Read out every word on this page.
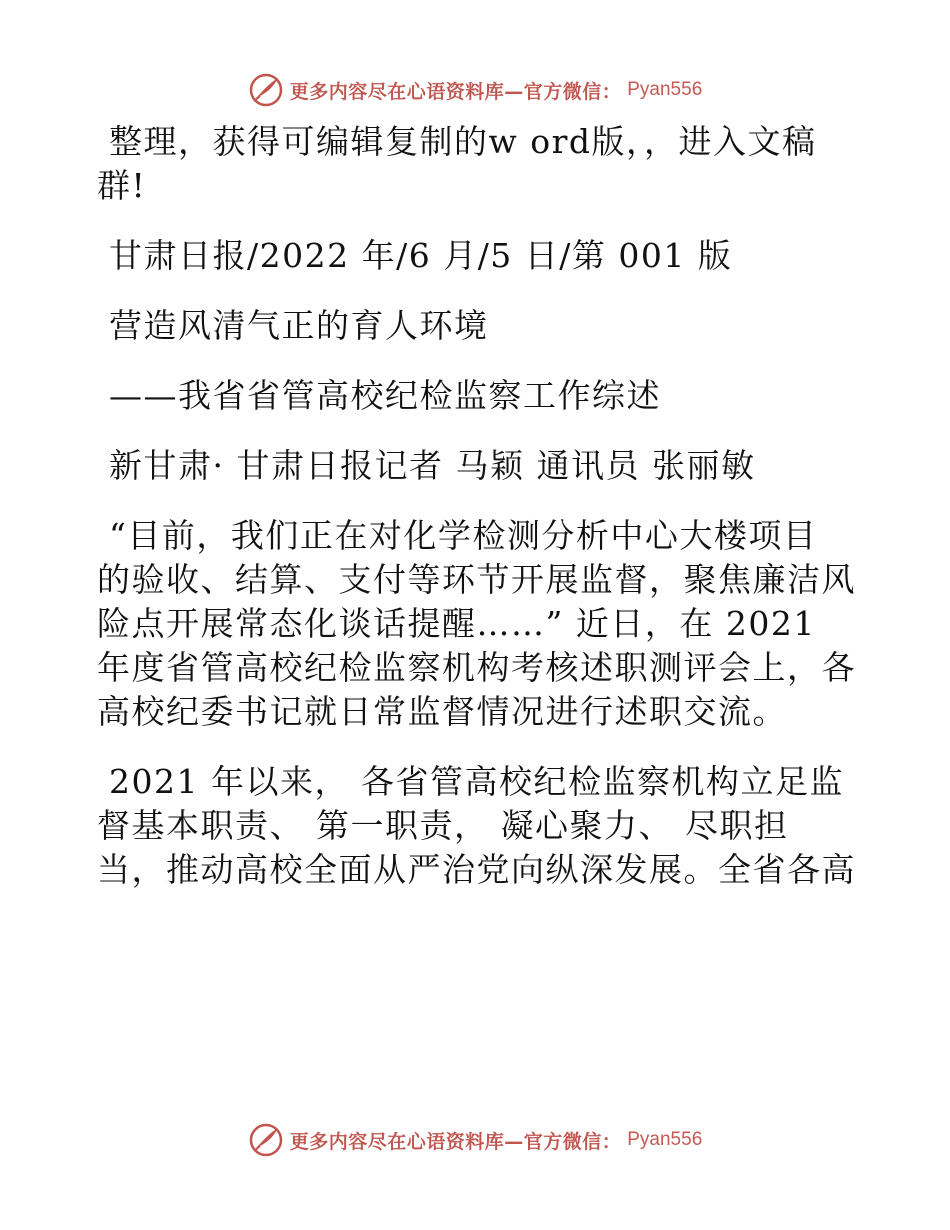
更多内容尽在心语资料库—官方微信： Pyan556
整理，获得可编辑复制的w ord版，，进入文稿
群!
甘肃日报/2022 年/6 月/5 日/第 001 版
营造风清气正的育人环境
——我省省管高校纪检监察工作综述
新甘肃· 甘肃日报记者 马颖 通讯员 张丽敏
“目前，我们正在对化学检测分析中心大楼项目
的验收、结算、支付等环节开展监督，聚焦廉洁风
险点开展常态化谈话提醒……” 近日，在 2021
年度省管高校纪检监察机构考核述职测评会上，各
高校纪委书记就日常监督情况进行述职交流。
2021 年以来， 各省管高校纪检监察机构立足监
督基本职责、 第一职责， 凝心聚力、 尽职担
当，推动高校全面从严治党向纵深发展。全省各高
更多内容尽在心语资料库—官方微信： Pyan556
